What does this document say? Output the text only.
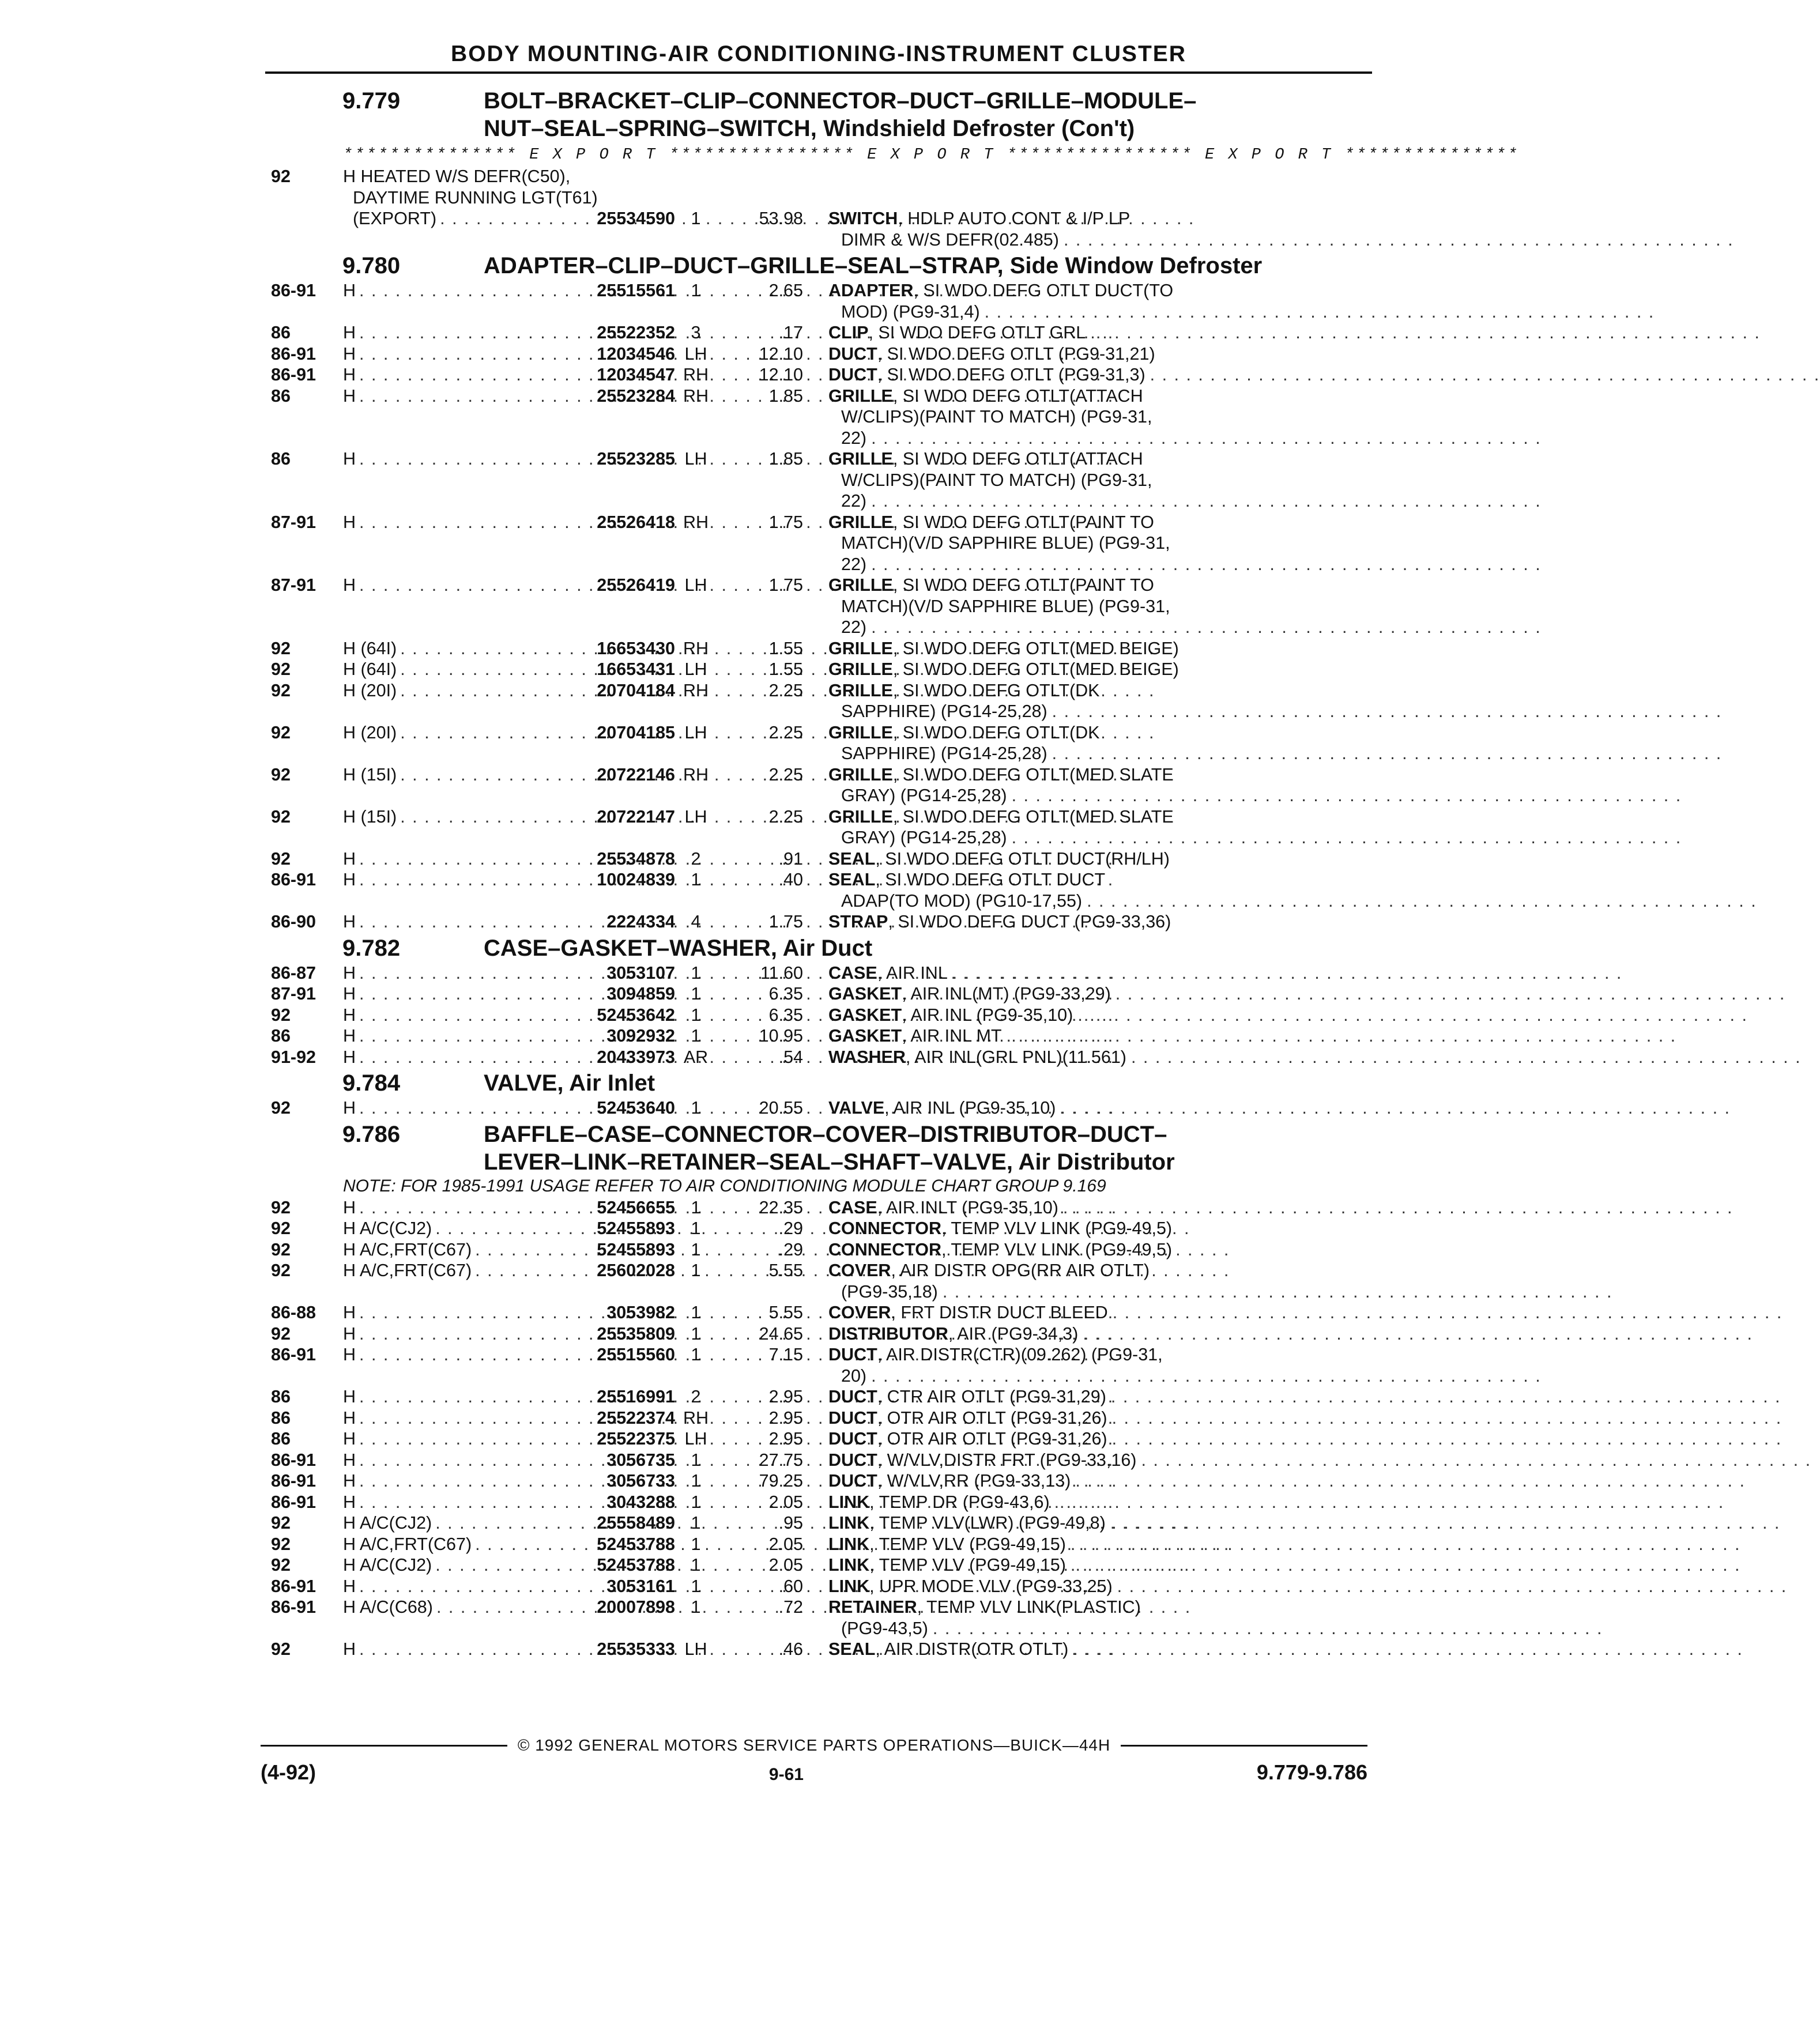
BODY MOUNTING-AIR CONDITIONING-INSTRUMENT CLUSTER
9.779	BOLT–BRACKET–CLIP–CONNECTOR–DUCT–GRILLE–MODULE–
NUT–SEAL–SPRING–SWITCH, Windshield Defroster (Con't)
*************** E X P O R T **************** E X P O R T **************** E X P O R T ***************
92	H HEATED W/S DEFR(C50),
DAYTIME RUNNING LGT(T61)
(EXPORT) . . .	25534590 1	53.98 SWITCH, HDLP AUTO CONT & I/P LP
DIMR & W/S DEFR(02.485)
. . .
9.780	ADAPTER–CLIP–DUCT–GRILLE–SEAL–STRAP, Side Window Defroster
86-91	H . . .	25515561 1	2.65 ADAPTER, SI WDO DEFG OTLT DUCT(TO
MOD) (PG9-31,4)
. . .
86	H . . .	25522352 3	.17 CLIP, SI WDO DEFG OTLT GRL
. . .
86-91	H . . .	12034546 LH	12.10 DUCT, SI WDO DEFG OTLT (PG9-31,21)
86-91	H . . .	12034547 RH	12.10 DUCT, SI WDO DEFG OTLT (PG9-31,3)
. . .
86	H . . .	25523284 RH	1.85 GRILLE, SI WDO DEFG OTLT(ATTACH
W/CLIPS)(PAINT TO MATCH) (PG9-31,
22)
. . .
86	H . . .	25523285 LH	1.85 GRILLE, SI WDO DEFG OTLT(ATTACH
W/CLIPS)(PAINT TO MATCH) (PG9-31,
22)
. . .
87-91	H . . .	25526418 RH	1.75 GRILLE, SI WDO DEFG OTLT(PAINT TO
MATCH)(V/D SAPPHIRE BLUE) (PG9-31,
22)
. . .
87-91	H . . .	25526419 LH	1.75 GRILLE, SI WDO DEFG OTLT(PAINT TO
MATCH)(V/D SAPPHIRE BLUE) (PG9-31,
22)
. . .
92	H (64I) . . .	16653430 RH	1.55 GRILLE, SI WDO DEFG OTLT(MED BEIGE)
92	H (64I) . . .	16653431 LH	1.55 GRILLE, SI WDO DEFG OTLT(MED BEIGE)
92	H (20I) . . .	20704184 RH	2.25 GRILLE, SI WDO DEFG OTLT(DK
SAPPHIRE) (PG14-25,28)
. . .
92	H (20I) . . .	20704185 LH	2.25 GRILLE, SI WDO DEFG OTLT(DK
SAPPHIRE) (PG14-25,28)
. . .
92	H (15I) . . .	20722146 RH	2.25 GRILLE, SI WDO DEFG OTLT(MED SLATE
GRAY) (PG14-25,28)
. . .
92	H (15I) . . .	20722147 LH	2.25 GRILLE, SI WDO DEFG OTLT(MED SLATE
GRAY) (PG14-25,28)
. . .
92	H . . .	25534878 2	.91 SEAL, SI WDO DEFG OTLT DUCT(RH/LH)
86-91	H . . .	10024839 1	.40 SEAL, SI WDO DEFG OTLT DUCT
ADAP(TO MOD) (PG10-17,55)
. . .
86-90	H . . .	2224334 4	1.75 STRAP, SI WDO DEFG DUCT (PG9-33,36)
9.782	CASE–GASKET–WASHER, Air Duct
86-87	H . . .	3053107 1	11.60 CASE, AIR INL
. . .
87-91	H . . .	3094859 1	6.35 GASKET, AIR INL(MT) (PG9-33,29)
. . .
92	H . . .	52453642 1	6.35 GASKET, AIR INL (PG9-35,10)
. . .
86	H . . .	3092932 1	10.95 GASKET, AIR INL MT
. . .
91-92	H . . .	20433973 AR	.54 WASHER, AIR INL(GRL PNL)(11.561)
. . .
9.784	VALVE, Air Inlet
92	H . . .	52453640 1	20.55 VALVE, AIR INL (PG9-35,10)
. . .
9.786	BAFFLE–CASE–CONNECTOR–COVER–DISTRIBUTOR–DUCT–
LEVER–LINK–RETAINER–SEAL–SHAFT–VALVE, Air Distributor
NOTE: FOR 1985-1991 USAGE REFER TO AIR CONDITIONING MODULE CHART GROUP 9.169
92	H . . .	52456655 1	22.35 CASE, AIR INLT (PG9-35,10)
. . .
92	H A/C(CJ2) . . .	52455893 1	.29 CONNECTOR, TEMP VLV LINK (PG9-49,5)
92	H A/C,FRT(C67) . . .	52455893 1	.29 CONNECTOR, TEMP VLV LINK (PG9-49,5)
92	H A/C,FRT(C67) . . .	25602028 1	5.55 COVER, AIR DISTR OPG(RR AIR OTLT)
(PG9-35,18)
. . .
86-88	H . . .	3053982 1	5.55 COVER, FRT DISTR DUCT BLEED
. . .
92	H . . .	25535809 1	24.65 DISTRIBUTOR, AIR (PG9-34,3)
. . .
86-91	H . . .	25515560 1	7.15 DUCT, AIR DISTR(CTR)(09.262) (PG9-31,
20)
. . .
86	H . . .	25516991 2	2.95 DUCT, CTR AIR OTLT (PG9-31,29)
. . .
86	H . . .	25522374 RH	2.95 DUCT, OTR AIR OTLT (PG9-31,26)
. . .
86	H . . .	25522375 LH	2.95 DUCT, OTR AIR OTLT (PG9-31,26)
. . .
86-91	H . . .	3056735 1	27.75 DUCT, W/VLV,DISTR FRT (PG9-33,16)
. . .
86-91	H . . .	3056733 1	79.25 DUCT, W/VLV,RR (PG9-33,13)
. . .
86-91	H . . .	3043288 1	2.05 LINK, TEMP DR (PG9-43,6)
. . .
92	H A/C(CJ2) . . .	25558489 1	.95 LINK, TEMP VLV(LWR) (PG9-49,8)
. . .
92	H A/C,FRT(C67) . . .	52453788 1	2.05 LINK, TEMP VLV (PG9-49,15)
. . .
92	H A/C(CJ2) . . .	52453788 1	2.05 LINK, TEMP VLV (PG9-49,15)
. . .
86-91	H . . .	3053161 1	.60 LINK, UPR MODE VLV (PG9-33,25)
. . .
86-91	H A/C(C68) . . .	20007898 1	.72 RETAINER, TEMP VLV LINK(PLASTIC)
(PG9-43,5)
. . .
92	H . . .	25535333 LH	.46 SEAL, AIR DISTR(OTR OTLT)
. . .
© 1992 GENERAL MOTORS SERVICE PARTS OPERATIONS—BUICK—44H
(4-92)	9-61	9.779-9.786
